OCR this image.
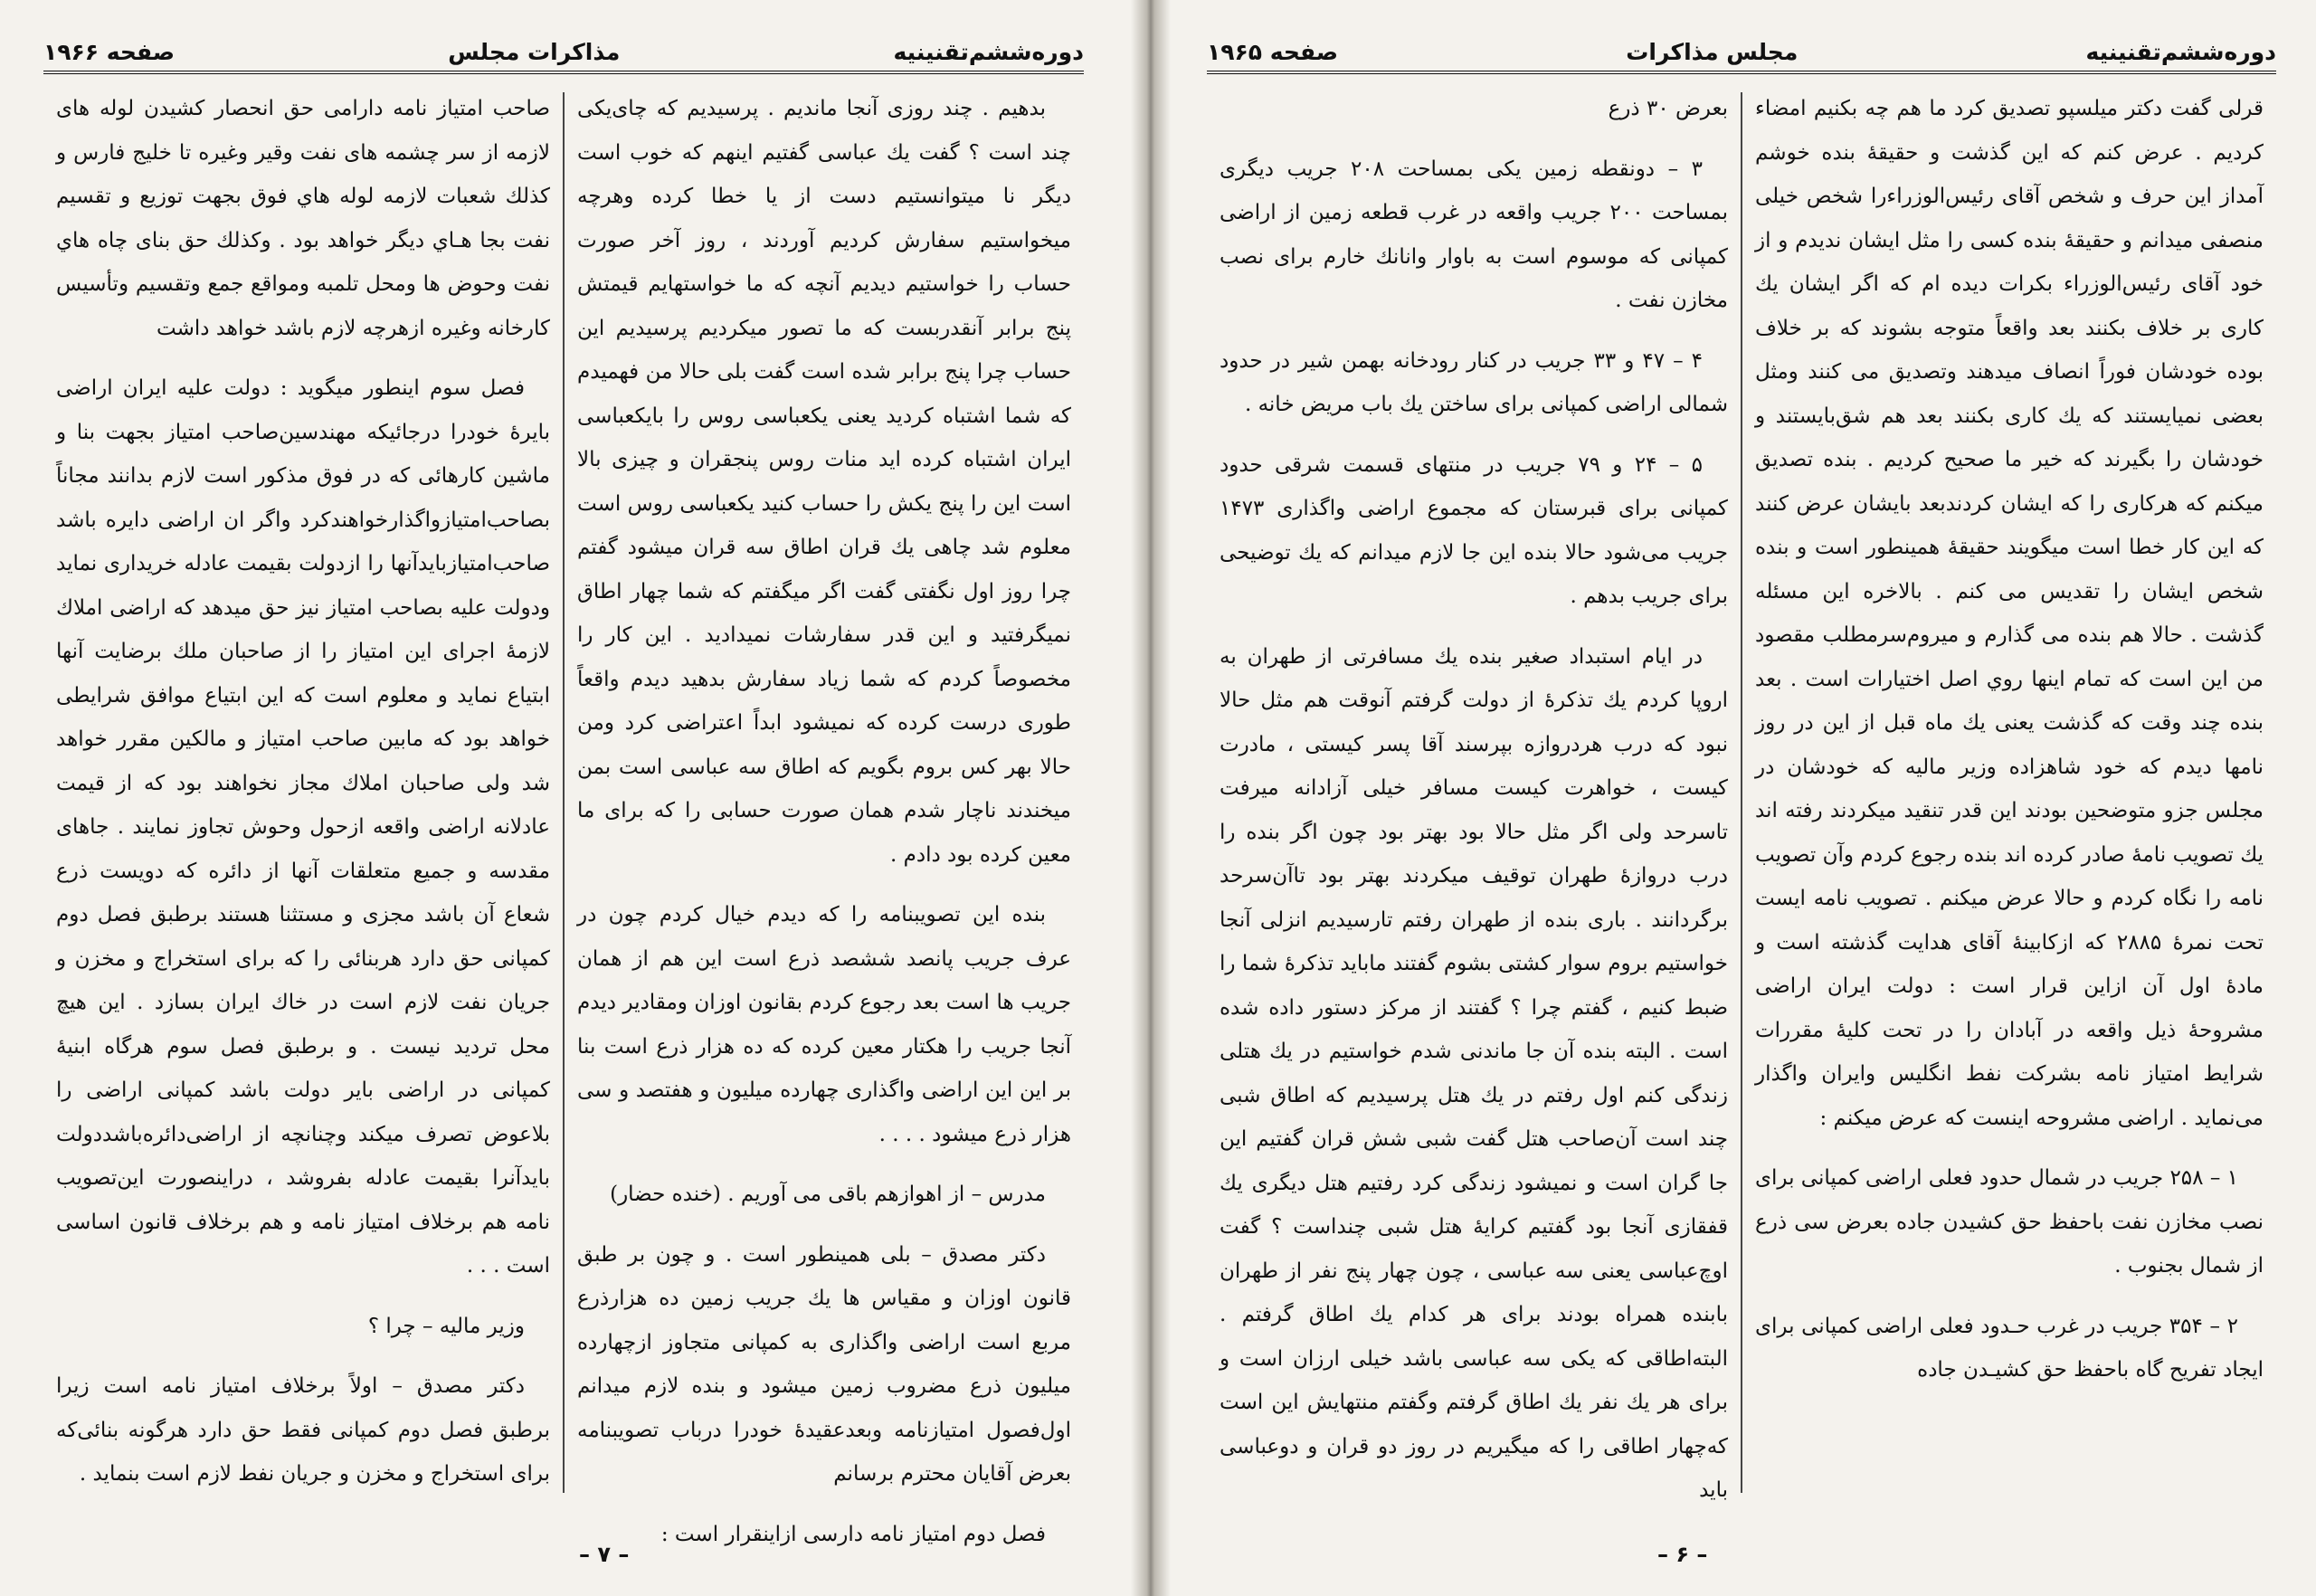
دوره‌ششم‌تقنینیه
مذاکرات مجلس
صفحه ۱۹۶۶

بدهیم . چند روزی آنجا ماندیم . پرسیدیم که چای‌یکی چند است ؟ گفت یك عباسی گفتیم اینهم که خوب است دیگر نا میتوانستیم دست از یا خطا کرده وهرچه میخواستیم سفارش کردیم آوردند ، روز آخر صورت حساب را خواستیم دیدیم آنچه که ما خواستهایم قیمتش پنج برابر آنقدربست که ما تصور میکردیم پرسیدیم این حساب چرا پنج برابر شده است گفت بلی حالا من فهمیدم که شما اشتباه کردید یعنی یکعباسی روس را بایکعباسی ایران اشتباه کرده اید منات روس پنجقران و چیزی بالا است این را پنج یکش را حساب کنید یکعباسی روس است معلوم شد چاهی یك قران اطاق سه قران میشود گفتم چرا روز اول نگفتی گفت اگر میگفتم که شما چهار اطاق نمیگرفتید و این قدر سفارشات نمیدادید . این کار را مخصوصاً کردم که شما زیاد سفارش بدهید دیدم واقعاً طوری درست کرده که نمیشود ابداً اعتراضی کرد ومن حالا بهر کس بروم بگویم که اطاق سه عباسی است بمن میخندند ناچار شدم همان صورت حسابی را که برای ما معین کرده بود دادم .

بنده این تصویبنامه را که دیدم خیال کردم چون در عرف جریب پانصد ششصد ذرع است این هم از همان جریب ها است بعد رجوع کردم بقانون اوزان ومقادیر دیدم آنجا جریب را هکتار معین کرده که ده هزار ذرع است بنا بر این این اراضی واگذاری چهارده میلیون و هفتصد و سی هزار ذرع میشود . . . .

مدرس – از اهوازهم باقی می آوریم . (خنده حضار)

دکتر مصدق – بلی همینطور است . و چون بر طبق قانون اوزان و مقیاس ها یك جریب زمین ده هزارذرع مربع است اراضی واگذاری به کمپانی متجاوز ازچهارده میلیون ذرع مضروب زمین میشود و بنده لازم میدانم اول‌فصول امتیازنامه وبعدعقیدهٔ خودرا درباب تصویبنامه بعرض آقایان محترم برسانم

فصل دوم امتیاز نامه دارسی ازاینقرار است :

صاحب امتیاز نامه دارامی حق انحصار کشیدن لوله های لازمه از سر چشمه های نفت وقیر وغیره تا خلیج فارس و کذلك شعبات لازمه لوله هاي فوق بجهت توزیع و تقسیم نفت بجا هـاي دیگر خواهد بود . وکذلك حق بنای چاه هاي نفت وحوض ها ومحل تلمبه ومواقع جمع وتقسیم وتأسیس کارخانه وغیره ازهرچه لازم باشد خواهد داشت

فصل سوم اینطور میگوید : دولت علیه ایران اراضی بایرهٔ خودرا درجائیکه مهندسین‌صاحب امتیاز بجهت بنا و ماشین کارهائی که در فوق مذکور است لازم بدانند مجاناً بصاحب‌امتیازواگذارخواهندکرد واگر ان اراضی دایره باشد صاحب‌امتیازبایدآنها را ازدولت بقیمت عادله خریداری نماید ودولت علیه بصاحب امتیاز نیز حق میدهد که اراضی املاك لازمهٔ اجرای این امتیاز را از صاحبان ملك برضایت آنها ابتیاع نماید و معلوم است که این ابتیاع موافق شرایطی خواهد بود که مابین صاحب امتیاز و مالکین مقرر خواهد شد ولی صاحبان املاك مجاز نخواهند بود که از قیمت عادلانه اراضی واقعه ازحول وحوش تجاوز نمایند . جاهای مقدسه و جمیع متعلقات آنها از دائره که دویست ذرع شعاع آن باشد مجزی و مستثنا هستند برطبق فصل دوم کمپانی حق دارد هربنائی را که برای استخراج و مخزن و جریان نفت لازم است در خاك ایران بسازد . این هیچ محل تردید نیست . و برطبق فصل سوم هرگاه ابنیهٔ کمپانی در اراضی بایر دولت باشد کمپانی اراضی را بلاعوض تصرف میکند وچنانچه از اراضی‌دائره‌باشددولت بایدآنرا بقیمت عادله بفروشد ، دراینصورت این‌تصویب نامه هم برخلاف امتیاز نامه و هم برخلاف قانون اساسی است . . .

وزیر مالیه – چرا ؟

دکتر مصدق – اولاً برخلاف امتیاز نامه است زیرا برطبق فصل دوم کمپانی فقط حق دارد هرگونه بنائی‌که برای استخراج و مخزن و جریان نفط لازم است بنماید .

– ۷ –
دوره‌ششم‌تقنینیه
مجلس مذاکرات
صفحه ۱۹۶۵

قرلی گفت دکتر میلسپو تصدیق کرد ما هم چه بکنیم امضاء کردیم . عرض کنم که این گذشت و حقیقهٔ بنده خوشم آمداز این حرف و شخص آقای رئیس‌الوزراءرا شخص خیلی منصفی میدانم و حقیقهٔ بنده کسی را مثل ایشان ندیدم و از خود آقای رئیس‌الوزراء بکرات دیده ام که اگر ایشان یك کاری بر خلاف بکنند بعد واقعاً متوجه بشوند که بر خلاف بوده خودشان فوراً انصاف میدهند وتصدیق می کنند ومثل بعضی نمیایستند که یك کاری بکنند بعد هم شق‌بایستند و خودشان را بگیرند که خیر ما صحیح کردیم . بنده تصدیق میکنم که هرکاری را که ایشان کردندبعد بایشان عرض کنند که این کار خطا است میگویند حقیقهٔ همینطور است و بنده شخص ایشان را تقدیس می کنم . بالاخره این مسئله گذشت . حالا هم بنده می گذارم و میروم‌سرمطلب مقصود من این است که تمام اینها روي اصل اختیارات است . بعد بنده چند وقت که گذشت یعنی یك ماه قبل از این در روز نامها دیدم که خود شاهزاده وزیر مالیه که خودشان در مجلس جزو متوضحین بودند این قدر تنقید میکردند رفته اند یك تصویب نامهٔ صادر کرده اند بنده رجوع کردم وآن تصویب نامه را نگاه کردم و حالا عرض میکنم . تصویب نامه ایست تحت نمرهٔ ۲۸۸۵ که ازکابینهٔ آقای هدایت گذشته است و مادهٔ اول آن ازاین قرار است : دولت ایران اراضی مشروحهٔ ذیل واقعه در آبادان را در تحت کلیهٔ مقررات شرایط امتیاز نامه بشرکت نفط انگلیس وایران واگذار می‌نماید . اراضی مشروحه اینست که عرض میکنم :

۱ – ۲۵۸ جریب در شمال حدود فعلی اراضی کمپانی برای نصب مخازن نفت باحفظ حق کشیدن جاده بعرض سی ذرع از شمال بجنوب .

۲ – ۳۵۴ جریب در غرب حـدود فعلی اراضی کمپانی برای ایجاد تفریح گاه باحفظ حق کشیـدن جاده

بعرض ۳۰ ذرع

۳ – دونقطه زمین یکی بمساحت ۲۰۸ جریب دیگری بمساحت ۲۰۰ جریب واقعه در غرب قطعه زمین از اراضی کمپانی که موسوم است به باوار وانانك خارم برای نصب مخازن نفت .

۴ – ۴۷ و ۳۳ جریب در کنار رودخانه بهمن شیر در حدود شمالی اراضی کمپانی برای ساختن یك باب مریض خانه .

۵ – ۲۴ و ۷۹ جریب در منتهای قسمت شرقی حدود کمپانی برای قبرستان که مجموع اراضی واگذاری ۱۴۷۳ جریب می‌شود حالا بنده این جا لازم میدانم که یك توضیحی برای جریب بدهم .

در ایام استبداد صغیر بنده یك مسافرتی از طهران به اروپا کردم یك تذکرهٔ از دولت گرفتم آنوقت هم مثل حالا نبود که درب هردروازه بپرسند آقا پسر کیستی ، مادرت کیست ، خواهرت کیست مسافر خیلی آزادانه میرفت تاسرحد ولی اگر مثل حالا بود بهتر بود چون اگر بنده را درب دروازهٔ طهران توقیف میکردند بهتر بود تاآن‌سرحد برگردانند . باری بنده از طهران رفتم تارسیدیم انزلی آنجا خواستیم بروم سوار کشتی بشوم گفتند ماباید تذکرهٔ شما را ضبط کنیم ، گفتم چرا ؟ گفتند از مرکز دستور داده شده است . البته بنده آن جا ماندنی شدم خواستیم در یك هتلی زندگی کنم اول رفتم در یك هتل پرسیدیم که اطاق شبی چند است آن‌صاحب هتل گفت شبی شش قران گفتیم این جا گران است و نمیشود زندگی کرد رفتیم هتل دیگری یك قفقازی آنجا بود گفتیم کرایهٔ هتل شبی چنداست ؟ گفت اوچ‌عباسی یعنی سه عباسی ، چون چهار پنج نفر از طهران بابنده همراه بودند برای هر کدام یك اطاق گرفتم . البته‌اطاقی که یکی سه عباسی باشد خیلی ارزان است و برای هر یك نفر یك اطاق گرفتم وگفتم منتهایش این است که‌چهار اطاقی را که میگیریم در روز دو قران و دوعباسی باید

– ۶ –
